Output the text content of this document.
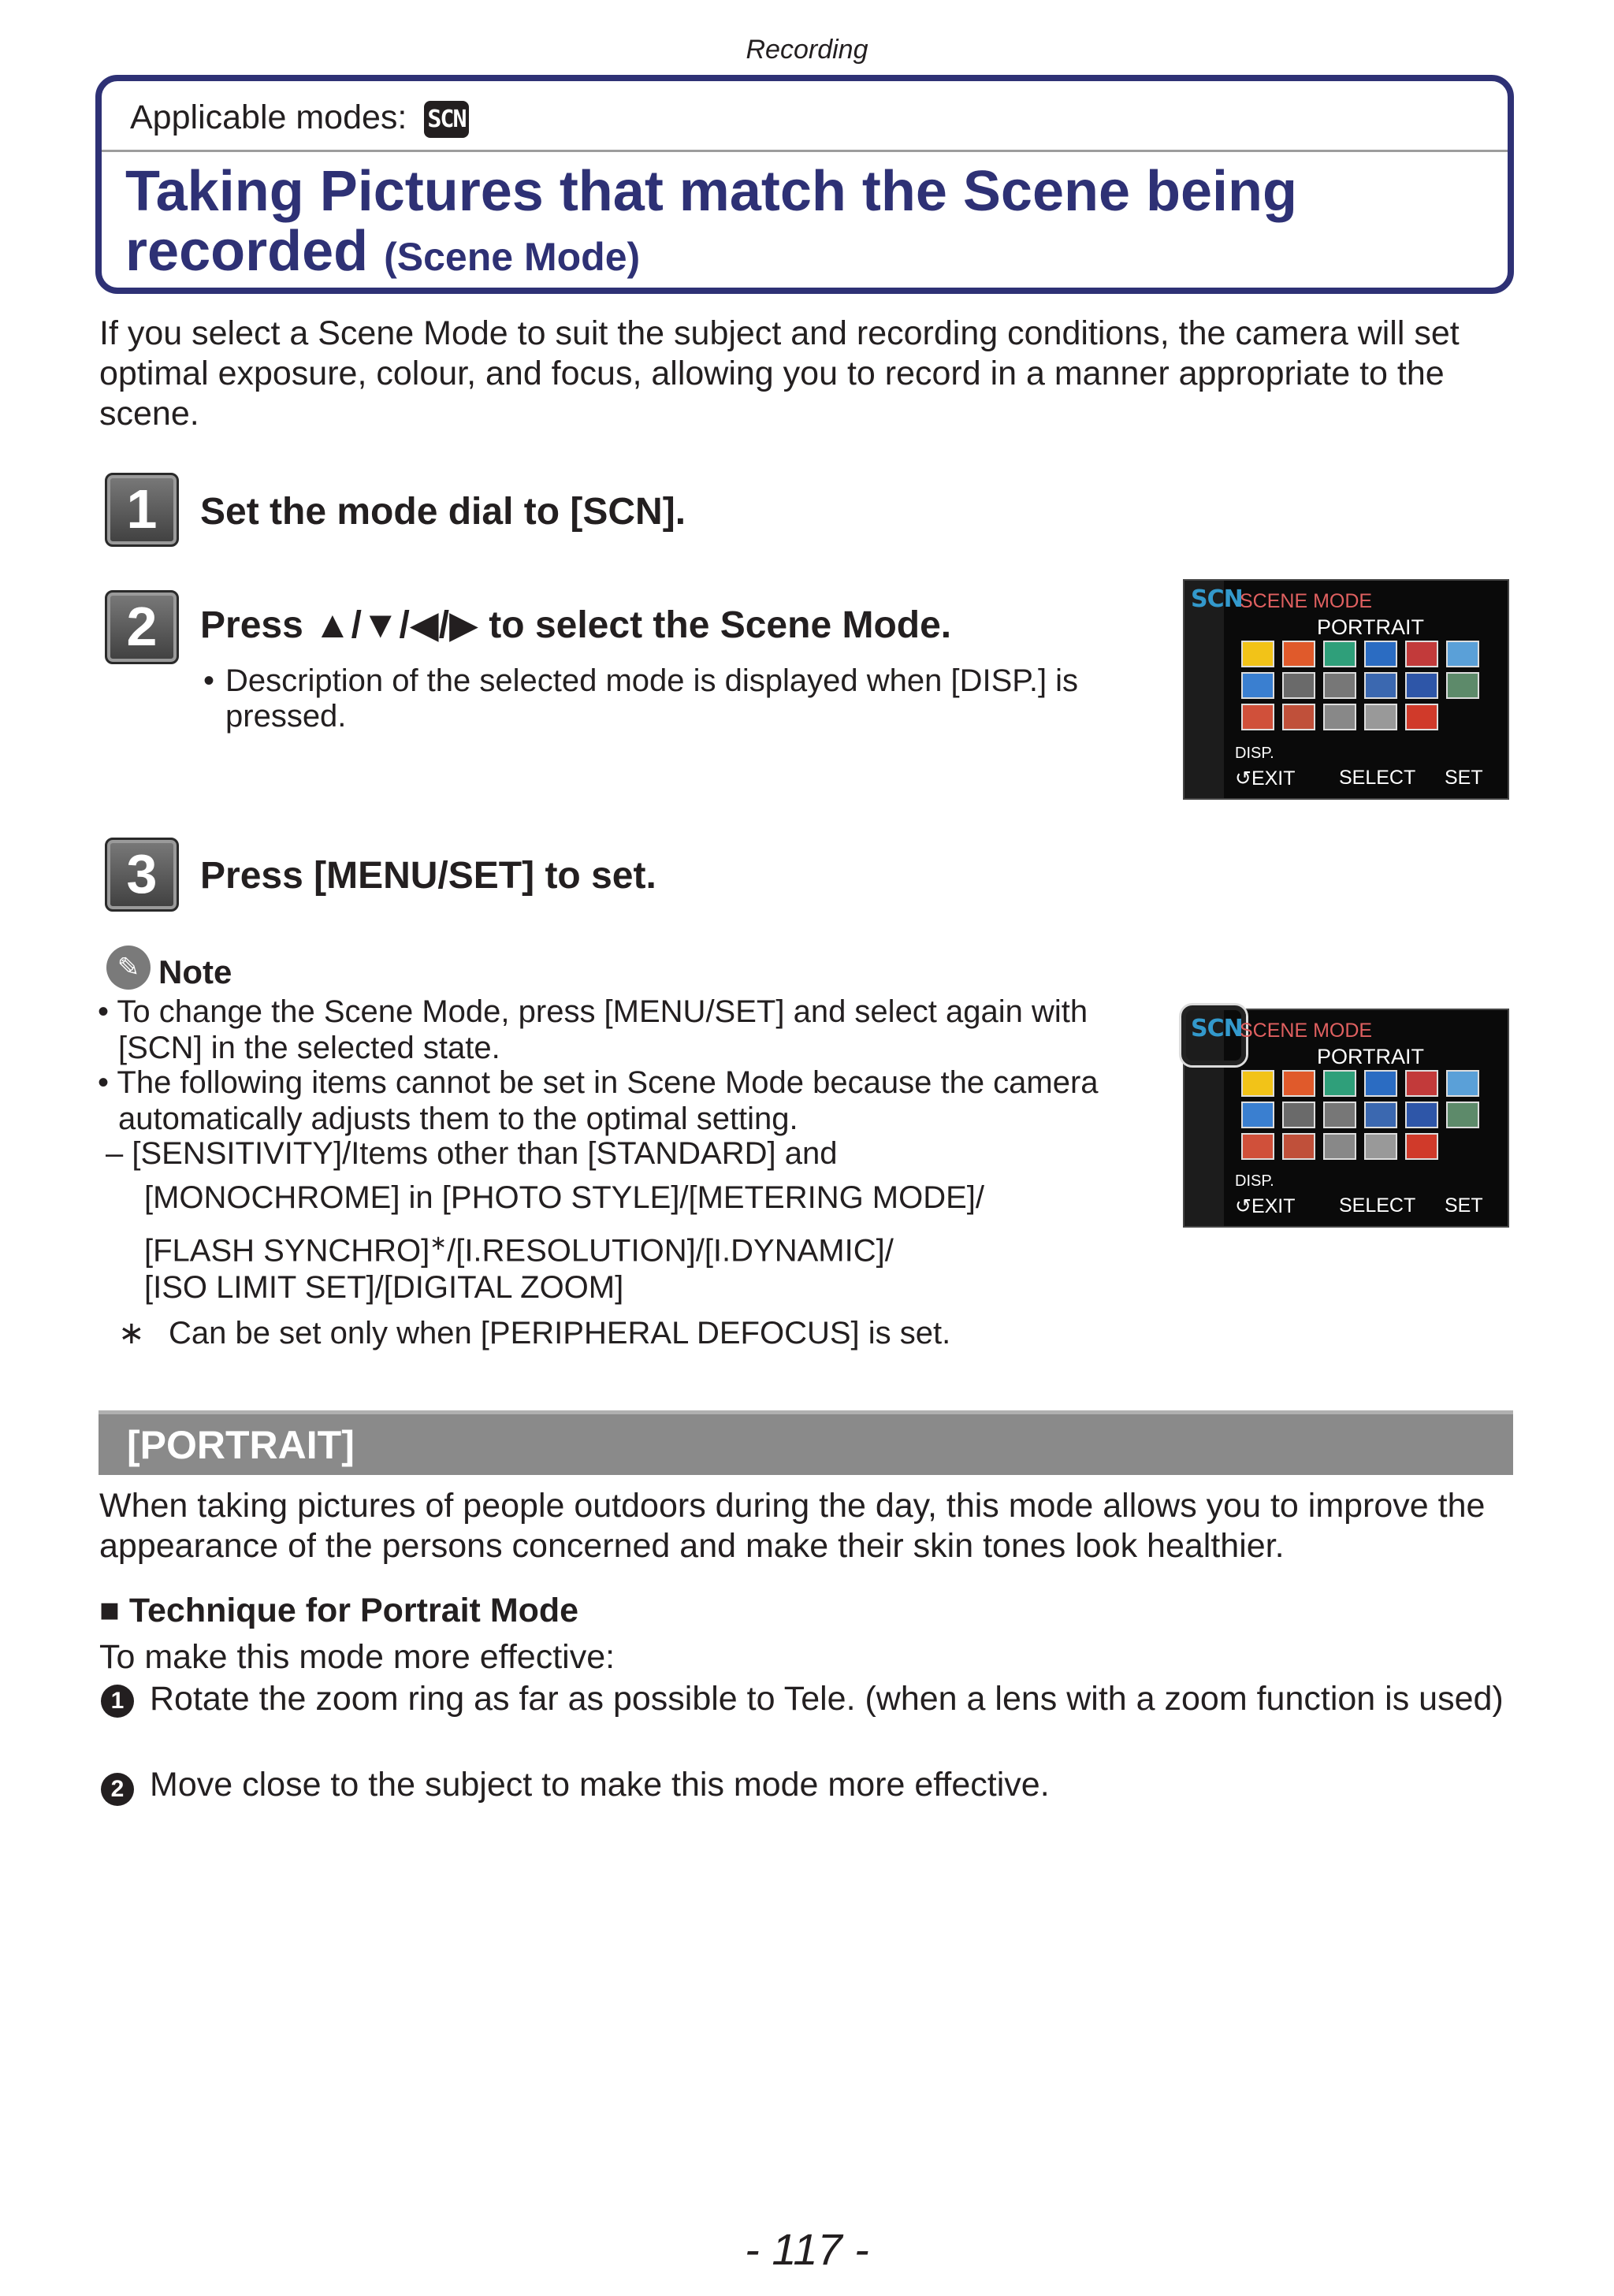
Recording
Applicable modes: SCN
Taking Pictures that match the Scene being
recorded (Scene Mode)
If you select a Scene Mode to suit the subject and recording conditions, the camera will set optimal exposure, colour, and focus, allowing you to record in a manner appropriate to the scene.
1	Set the mode dial to [SCN].
2	Press ▲/▼/◀/▶ to select the Scene Mode.
• Description of the selected mode is displayed when [DISP.] is pressed.
SCN
SCENE MODE
PORTRAIT
DISP.
↺EXIT SELECT SET
3	Press [MENU/SET] to set.
✎ Note
• To change the Scene Mode, press [MENU/SET] and select again with
[SCN] in the selected state.
• The following items cannot be set in Scene Mode because the camera
automatically adjusts them to the optimal setting.
– [SENSITIVITY]/Items other than [STANDARD] and
[MONOCHROME] in [PHOTO STYLE]/[METERING MODE]/
[FLASH SYNCHRO]∗/[I.RESOLUTION]/[I.DYNAMIC]/
[ISO LIMIT SET]/[DIGITAL ZOOM]
∗ Can be set only when [PERIPHERAL DEFOCUS] is set.
SCN
SCENE MODE
PORTRAIT
DISP.
↺EXIT SELECT SET
[PORTRAIT]
When taking pictures of people outdoors during the day, this mode allows you to improve the appearance of the persons concerned and make their skin tones look healthier.
■ Technique for Portrait Mode
To make this mode more effective:
1 Rotate the zoom ring as far as possible to Tele. (when a lens with a zoom function is used)
2 Move close to the subject to make this mode more effective.
- 117 -
